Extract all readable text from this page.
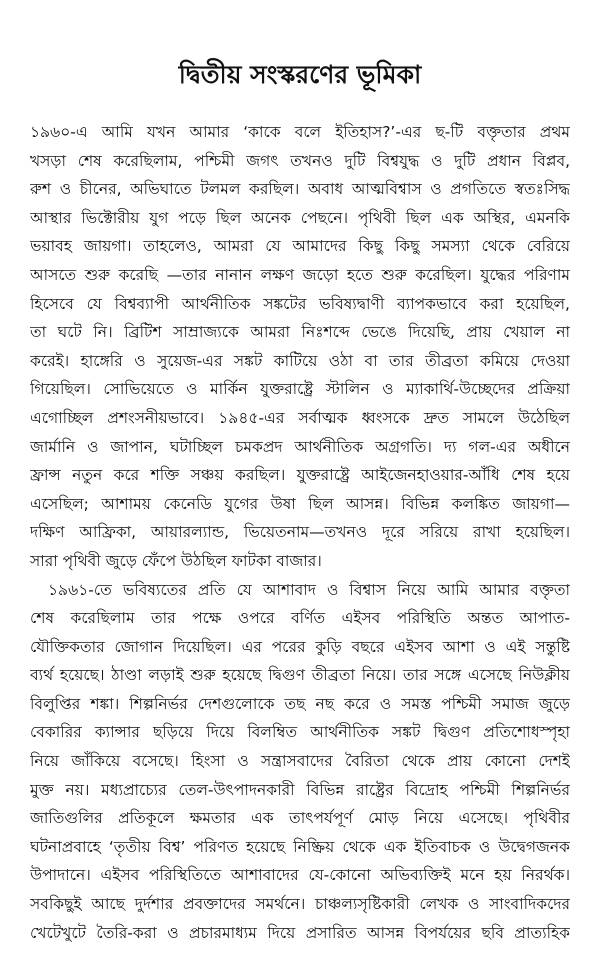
দ্বিতীয় সংস্করণের ভূমিকা

১৯৬০-এ আমি যখন আমার ‘কাকে বলে ইতিহাস?’-এর ছ-টি বক্তৃতার প্রথম
খসড়া শেষ করেছিলাম, পশ্চিমী জগৎ তখনও দুটি বিশ্বযুদ্ধ ও দুটি প্রধান বিপ্লব,
রুশ ও চীনের, অভিঘাতে টলমল করছিল। অবাধ আত্মবিশ্বাস ও প্রগতিতে স্বতঃসিদ্ধ
আস্থার ভিক্টোরীয় যুগ পড়ে ছিল অনেক পেছনে। পৃথিবী ছিল এক অস্থির, এমনকি
ভয়াবহ জায়গা। তাহলেও, আমরা যে আমাদের কিছু কিছু সমস্যা থেকে বেরিয়ে
আসতে শুরু করেছি —তার নানান লক্ষণ জড়ো হতে শুরু করেছিল। যুদ্ধের পরিণাম
হিসেবে যে বিশ্বব্যাপী আর্থনীতিক সঙ্কটের ভবিষ্যদ্বাণী ব্যাপকভাবে করা হয়েছিল,
তা ঘটে নি। ব্রিটিশ সাম্রাজ্যকে আমরা নিঃশব্দে ভেঙে দিয়েছি, প্রায় খেয়াল না
করেই। হাঙ্গেরি ও সুয়েজ-এর সঙ্কট কাটিয়ে ওঠা বা তার তীব্রতা কমিয়ে দেওয়া
গিয়েছিল। সোভিয়েতে ও মার্কিন যুক্তরাষ্ট্রে স্টালিন ও ম্যাকার্থি-উচ্ছেদের প্রক্রিয়া
এগোচ্ছিল প্রশংসনীয়ভাবে। ১৯৪৫-এর সর্বাত্মক ধ্বংসকে দ্রুত সামলে উঠেছিল
জার্মানি ও জাপান, ঘটাচ্ছিল চমকপ্রদ আর্থনীতিক অগ্রগতি। দ্য গল-এর অধীনে
ফ্রান্স নতুন করে শক্তি সঞ্চয় করছিল। যুক্তরাষ্ট্রে আইজেনহাওয়ার-আঁধি শেষ হয়ে
এসেছিল; আশাময় কেনেডি যুগের উষা ছিল আসন্ন। বিভিন্ন কলঙ্কিত জায়গা—
দক্ষিণ আফ্রিকা, আয়ারল্যান্ড, ভিয়েতনাম—তখনও দূরে সরিয়ে রাখা হয়েছিল।
সারা পৃথিবী জুড়ে ফেঁপে উঠছিল ফাটকা বাজার।

১৯৬১-তে ভবিষ্যতের প্রতি যে আশাবাদ ও বিশ্বাস নিয়ে আমি আমার বক্তৃতা
শেষ করেছিলাম তার পক্ষে ওপরে বর্ণিত এইসব পরিস্থিতি অন্তত আপাত-
যৌক্তিকতার জোগান দিয়েছিল। এর পরের কুড়ি বছরে এইসব আশা ও এই সন্তুষ্টি
ব্যর্থ হয়েছে। ঠাণ্ডা লড়াই শুরু হয়েছে দ্বিগুণ তীব্রতা নিয়ে। তার সঙ্গে এসেছে নিউক্লীয়
বিলুপ্তির শঙ্কা। শিল্পনির্ভর দেশগুলোকে তছ নছ করে ও সমস্ত পশ্চিমী সমাজ জুড়ে
বেকারির ক্যান্সার ছড়িয়ে দিয়ে বিলম্বিত আর্থনীতিক সঙ্কট দ্বিগুণ প্রতিশোধস্পৃহা
নিয়ে জাঁকিয়ে বসেছে। হিংসা ও সন্ত্রাসবাদের বৈরিতা থেকে প্রায় কোনো দেশই
মুক্ত নয়। মধ্যপ্রাচ্যের তেল-উৎপাদনকারী বিভিন্ন রাষ্ট্রের বিদ্রোহ পশ্চিমী শিল্পনির্ভর
জাতিগুলির প্রতিকূলে ক্ষমতার এক তাৎপর্যপূর্ণ মোড় নিয়ে এসেছে। পৃথিবীর
ঘটনাপ্রবাহে ‘তৃতীয় বিশ্ব’ পরিণত হয়েছে নিষ্ক্রিয় থেকে এক ইতিবাচক ও উদ্বেগজনক
উপাদানে। এইসব পরিস্থিতিতে আশাবাদের যে-কোনো অভিব্যক্তিই মনে হয় নিরর্থক।
সবকিছুই আছে দুর্দশার প্রবক্তাদের সমর্থনে। চাঞ্চল্যসৃষ্টিকারী লেখক ও সাংবাদিকদের
খেটেখুটে তৈরি-করা ও প্রচারমাধ্যম দিয়ে প্রসারিত আসন্ন বিপর্যয়ের ছবি প্রাত্যহিক
